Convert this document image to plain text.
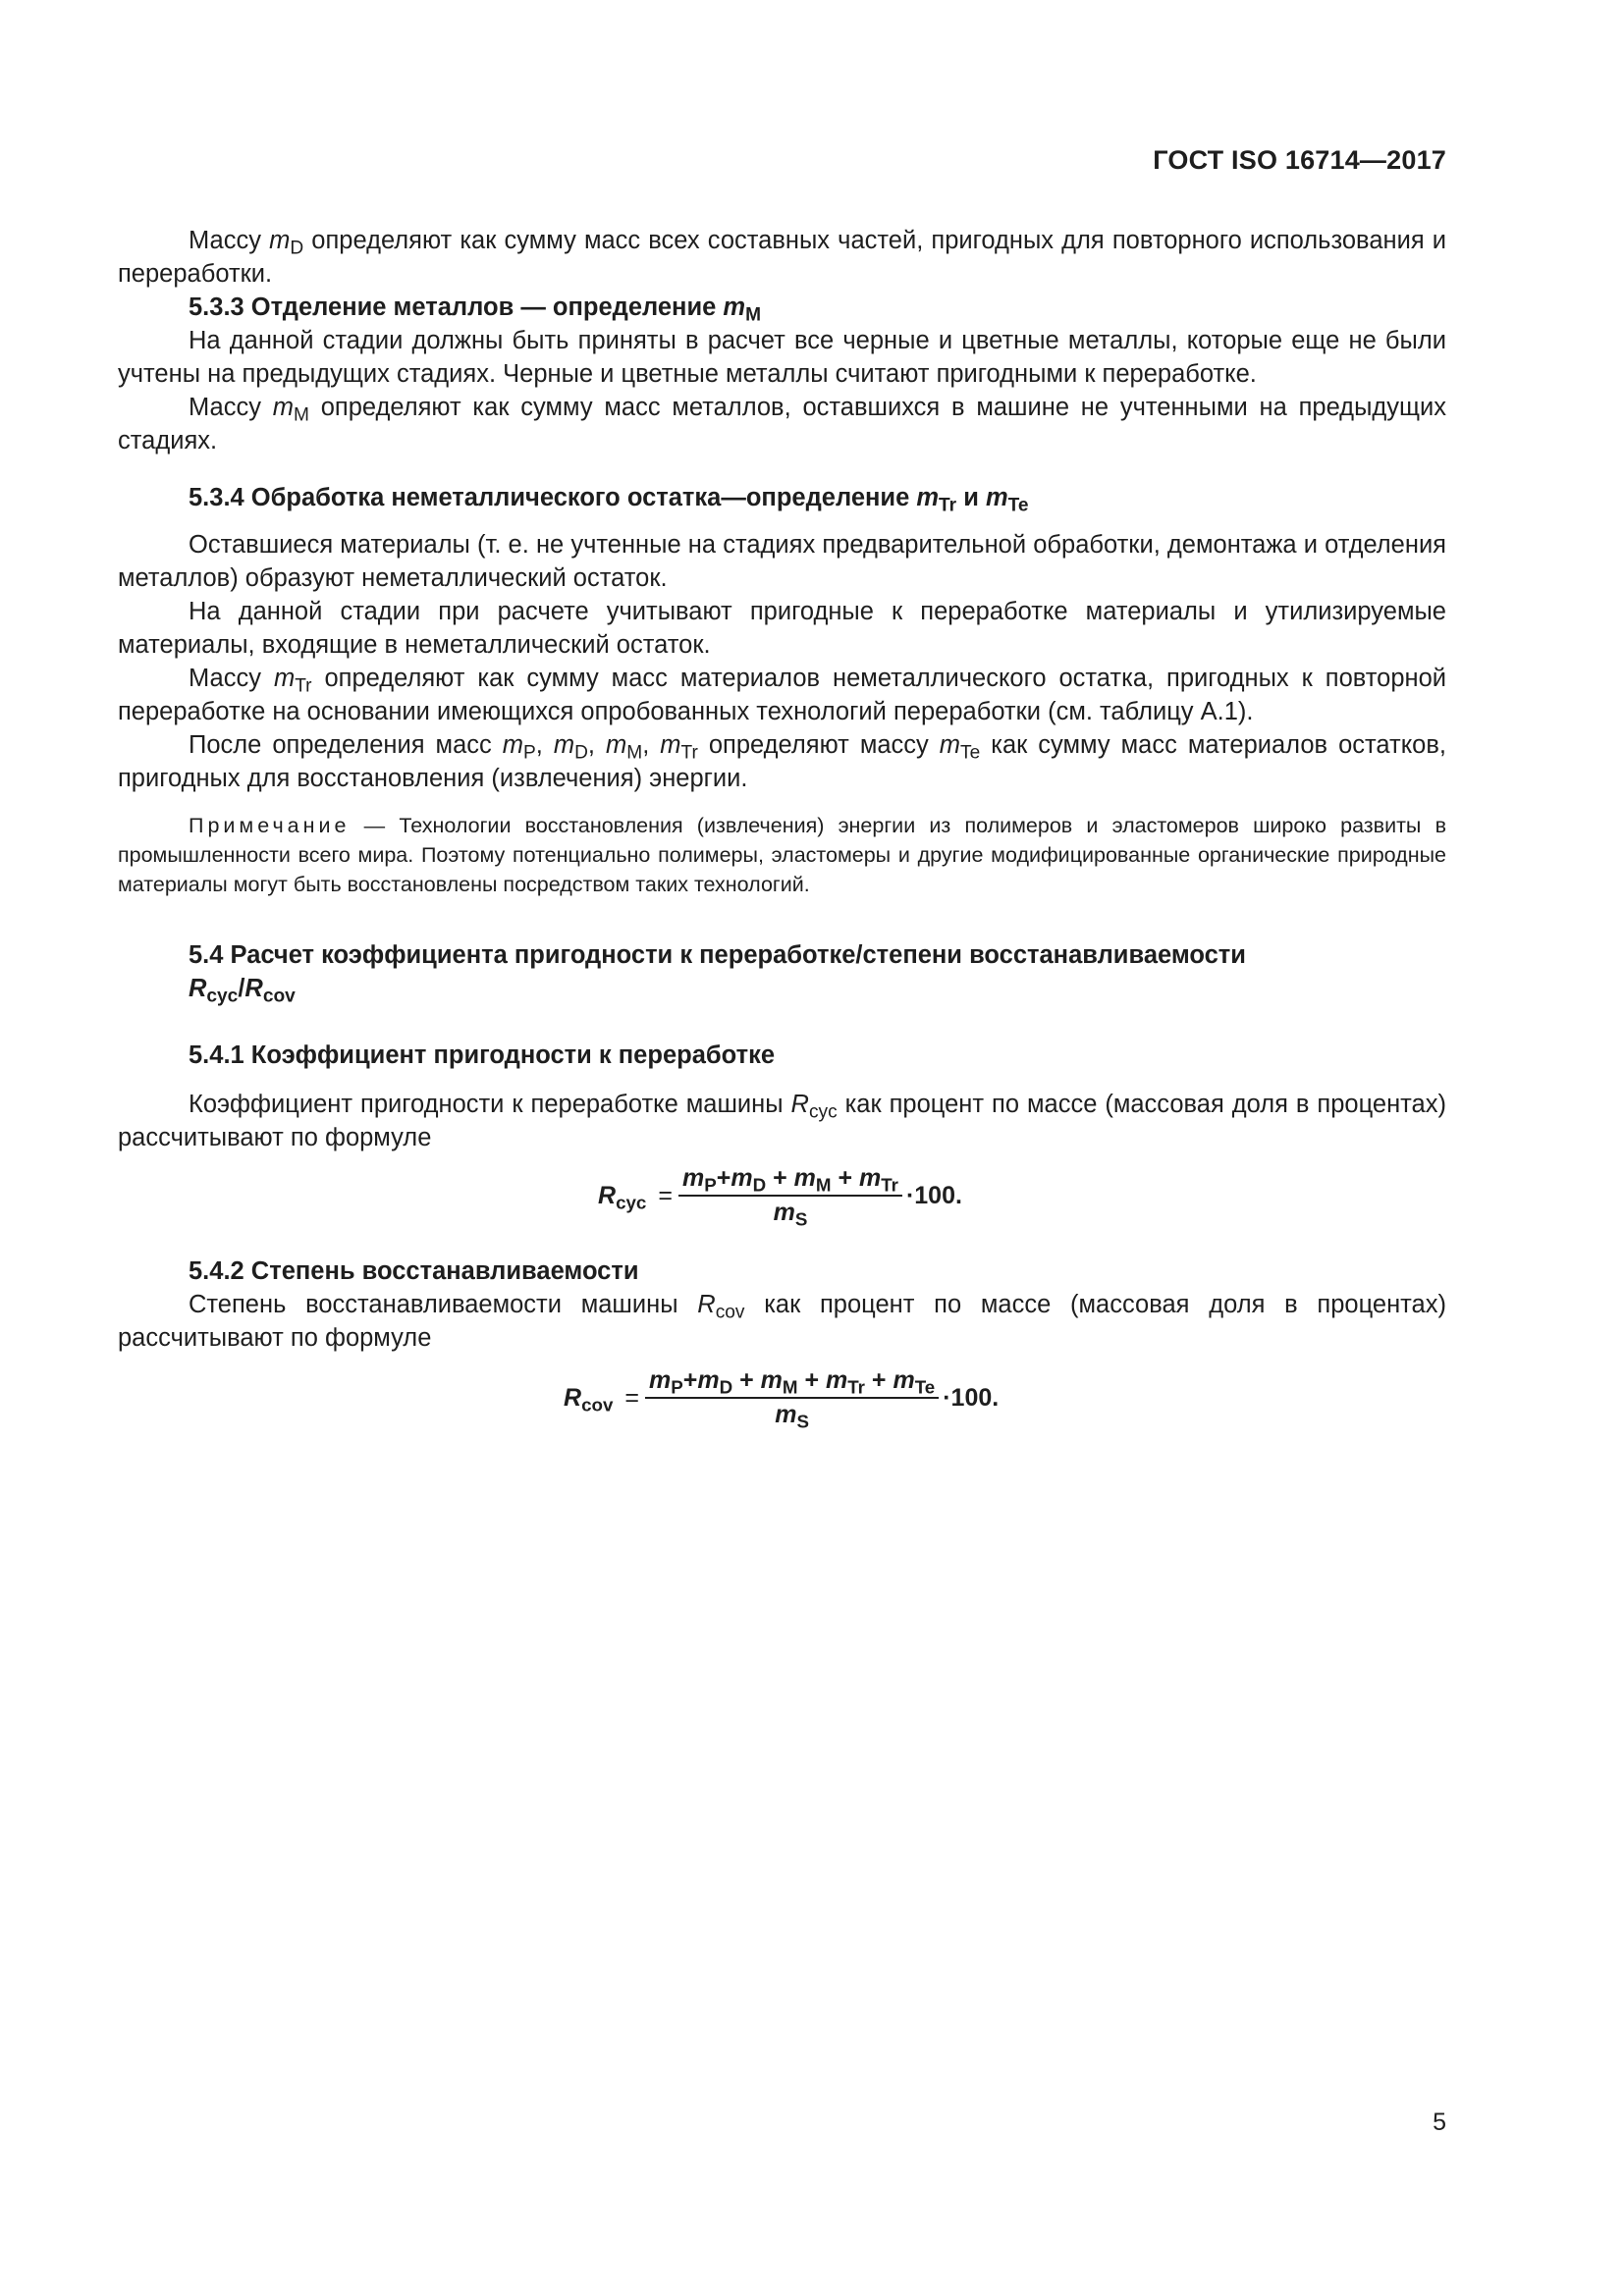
ГОСТ ISO 16714—2017

Массу $m_D$ определяют как сумму масс всех составных частей, пригодных для повторного использования и переработки.

5.3.3 Отделение металлов — определение $m_M$

На данной стадии должны быть приняты в расчет все черные и цветные металлы, которые еще не были учтены на предыдущих стадиях. Черные и цветные металлы считают пригодными к переработке.

Массу $m_M$ определяют как сумму масс металлов, оставшихся в машине не учтенными на предыдущих стадиях.

5.3.4 Обработка неметаллического остатка—определение $m_{Tr}$ и $m_{Te}$

Оставшиеся материалы (т. е. не учтенные на стадиях предварительной обработки, демонтажа и отделения металлов) образуют неметаллический остаток.

На данной стадии при расчете учитывают пригодные к переработке материалы и утилизируемые материалы, входящие в неметаллический остаток.

Массу $m_{Tr}$ определяют как сумму масс материалов неметаллического остатка, пригодных к повторной переработке на основании имеющихся опробованных технологий переработки (см. таблицу А.1).

После определения масс $m_P$, $m_D$, $m_M$, $m_{Tr}$ определяют массу $m_{Te}$ как сумму масс материалов остатков, пригодных для восстановления (извлечения) энергии.

Примечание — Технологии восстановления (извлечения) энергии из полимеров и эластомеров широко развиты в промышленности всего мира. Поэтому потенциально полимеры, эластомеры и другие модифицированные органические природные материалы могут быть восстановлены посредством таких технологий.

5.4 Расчет коэффициента пригодности к переработке/степени восстанавливаемости
$R_{cyc}/R_{cov}$

5.4.1 Коэффициент пригодности к переработке

Коэффициент пригодности к переработке машины $R_{cyc}$ как процент по массе (массовая доля в процентах) рассчитывают по формуле

$R_{cyc} = \frac{m_P+m_D + m_M + m_{Tr}}{m_S} \cdot 100$.

5.4.2 Степень восстанавливаемости

Степень восстанавливаемости машины $R_{cov}$ как процент по массе (массовая доля в процентах) рассчитывают по формуле

$R_{cov}$ =
$m_P+m_D + m_M + m_{Tr} + m_{Te}$
$m_S$
·100.
5
